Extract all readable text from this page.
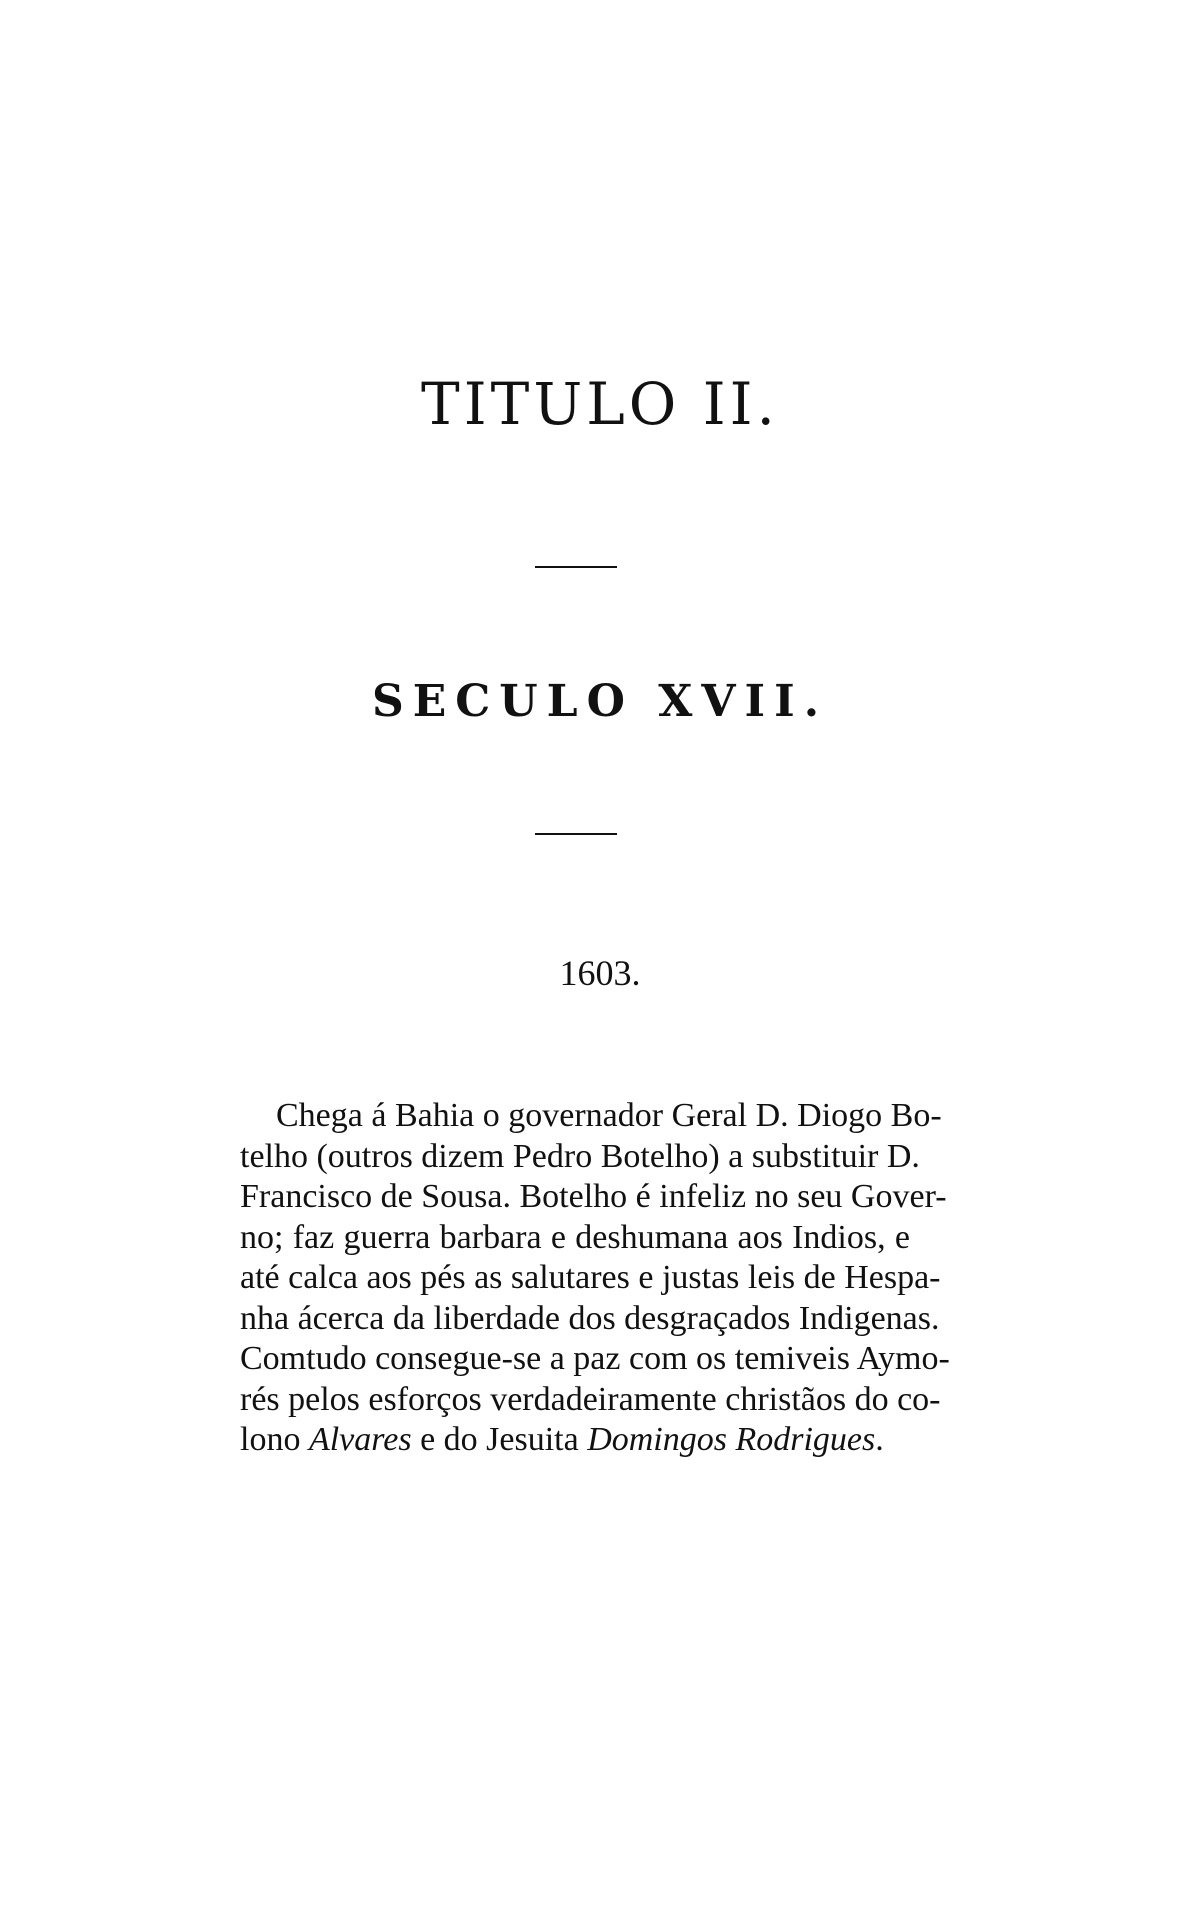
TITULO II.
SECULO XVII.
1603.
Chega á Bahia o governador Geral D. Diogo Bo-
telho (outros dizem Pedro Botelho) a substituir D.
Francisco de Sousa. Botelho é infeliz no seu Gover-
no; faz guerra barbara e deshumana aos Indios, e
até calca aos pés as salutares e justas leis de Hespa-
nha ácerca da liberdade dos desgraçados Indigenas.
Comtudo consegue-se a paz com os temiveis Aymo-
rés pelos esforços verdadeiramente christãos do co-
lono Alvares e do Jesuita Domingos Rodrigues.
